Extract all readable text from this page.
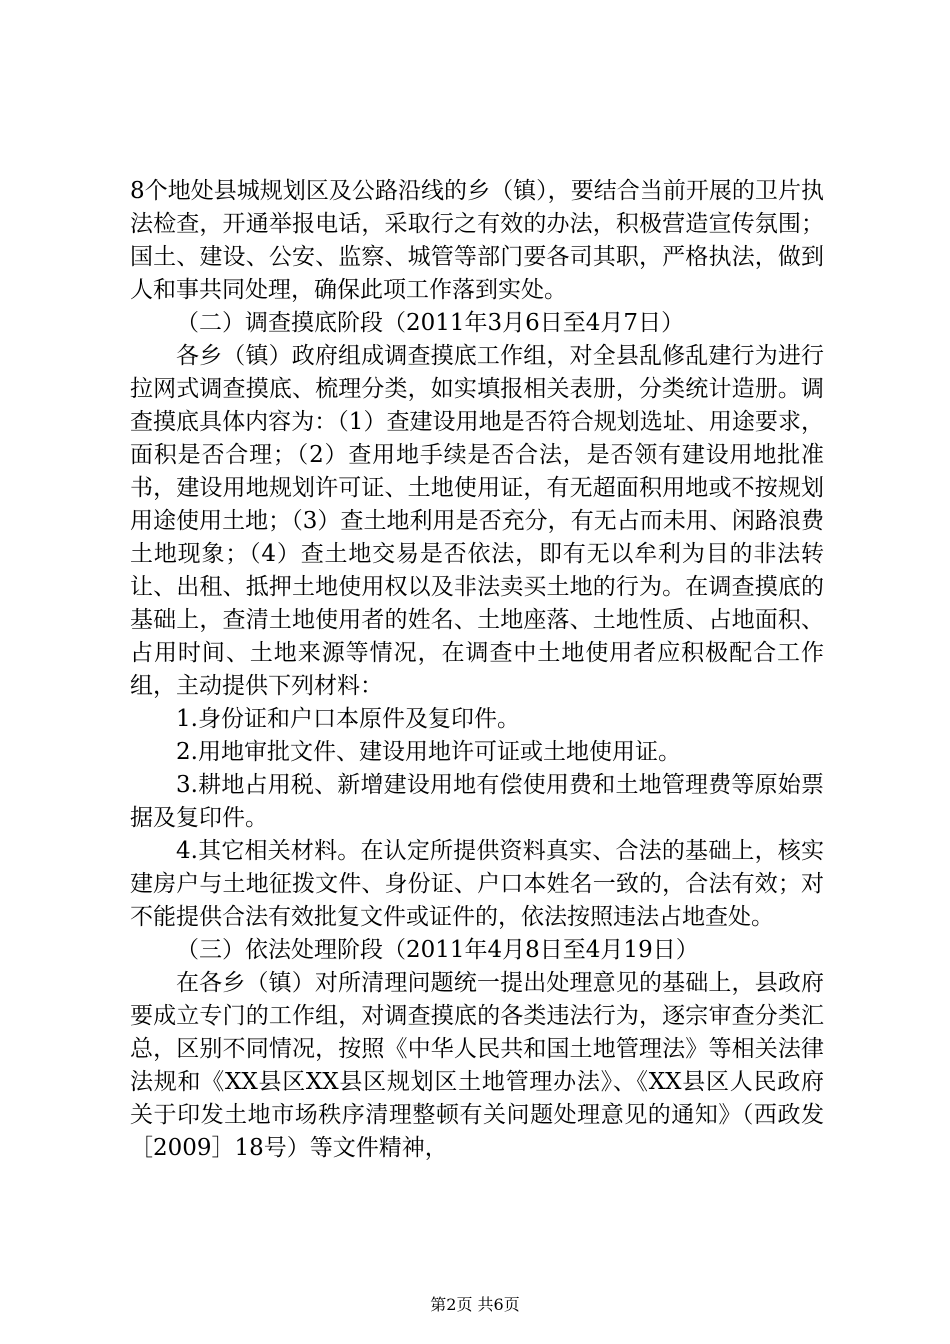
8个地处县城规划区及公路沿线的乡（镇），要结合当前开展的卫片执法检查，开通举报电话，采取行之有效的办法，积极营造宣传氛围；国土、建设、公安、监察、城管等部门要各司其职，严格执法，做到人和事共同处理，确保此项工作落到实处。

（二）调查摸底阶段（2011年3月6日至4月7日）

各乡（镇）政府组成调查摸底工作组，对全县乱修乱建行为进行拉网式调查摸底、梳理分类，如实填报相关表册，分类统计造册。调查摸底具体内容为：（1）查建设用地是否符合规划选址、用途要求，面积是否合理；（2）查用地手续是否合法，是否领有建设用地批准书，建设用地规划许可证、土地使用证，有无超面积用地或不按规划用途使用土地；（3）查土地利用是否充分，有无占而未用、闲路浪费土地现象；（4）查土地交易是否依法，即有无以牟利为目的非法转让、出租、抵押土地使用权以及非法卖买土地的行为。在调查摸底的基础上，查清土地使用者的姓名、土地座落、土地性质、占地面积、占用时间、土地来源等情况，在调查中土地使用者应积极配合工作组，主动提供下列材料：

1.身份证和户口本原件及复印件。

2.用地审批文件、建设用地许可证或土地使用证。

3.耕地占用税、新增建设用地有偿使用费和土地管理费等原始票据及复印件。

4.其它相关材料。在认定所提供资料真实、合法的基础上，核实建房户与土地征拨文件、身份证、户口本姓名一致的，合法有效；对不能提供合法有效批复文件或证件的，依法按照违法占地查处。

（三）依法处理阶段（2011年4月8日至4月19日）

在各乡（镇）对所清理问题统一提出处理意见的基础上，县政府要成立专门的工作组，对调查摸底的各类违法行为，逐宗审查分类汇总，区别不同情况，按照《中华人民共和国土地管理法》等相关法律法规和《XX县区XX县区规划区土地管理办法》、《XX县区人民政府关于印发土地市场秩序清理整顿有关问题处理意见的通知》（西政发［2009］18号）等文件精神，

第2页 共6页
